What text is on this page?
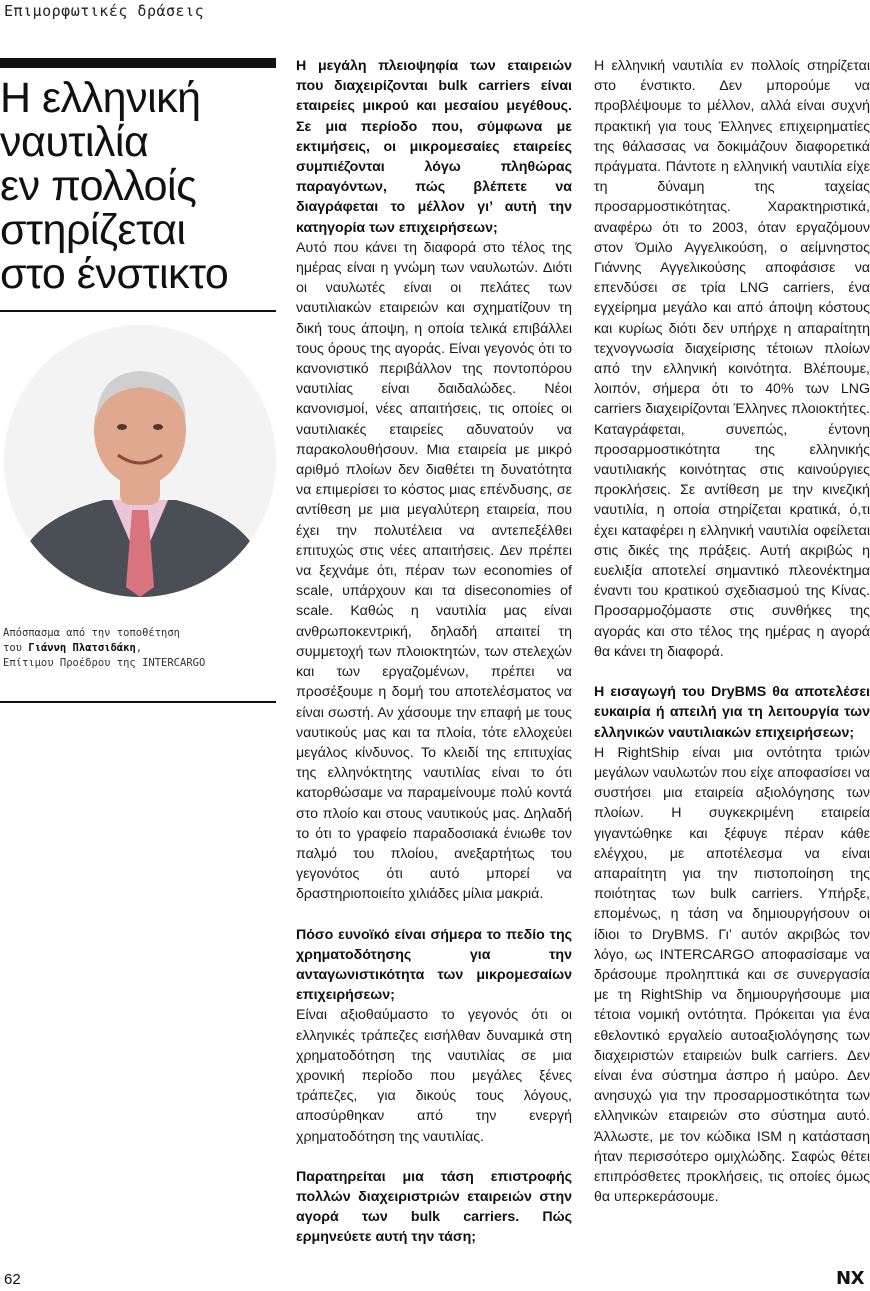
Επιμορφωτικές δράσεις
Η ελληνική
ναυτιλία
εν πολλοίς
στηρίζεται
στο ένστικτο
Απόσπασμα από την τοποθέτηση
του Γιάννη Πλατσιδάκη,
Επίτιμου Προέδρου της INTERCARGO

Η μεγάλη πλειοψηφία των εταιρειών που διαχειρίζονται bulk carriers είναι εταιρείες μικρού και μεσαίου μεγέθους. Σε μια περίοδο που, σύμφωνα με εκτιμήσεις, οι μικρομεσαίες εταιρείες συμπιέζονται λόγω πληθώρας παραγόντων, πώς βλέπετε να διαγράφεται το μέλλον γι’ αυτή την κατηγορία των επιχειρήσεων;

Αυτό που κάνει τη διαφορά στο τέλος της ημέρας είναι η γνώμη των ναυλωτών. Διότι οι ναυλωτές είναι οι πελάτες των ναυτιλιακών εταιρειών και σχηματίζουν τη δική τους άποψη, η οποία τελικά επιβάλλει τους όρους της αγοράς. Είναι γεγονός ότι το κανονιστικό περιβάλλον της ποντοπόρου ναυτιλίας είναι δαιδαλώδες. Νέοι κανονισμοί, νέες απαιτήσεις, τις οποίες οι ναυτιλιακές εταιρείες αδυνατούν να παρακολουθήσουν. Μια εταιρεία με μικρό αριθμό πλοίων δεν διαθέτει τη δυνατότητα να επιμερίσει το κόστος μιας επένδυσης, σε αντίθεση με μια μεγαλύτερη εταιρεία, που έχει την πολυτέλεια να αντεπεξέλθει επιτυχώς στις νέες απαιτήσεις. Δεν πρέπει να ξεχνάμε ότι, πέραν των economies of scale, υπάρχουν και τα diseconomies of scale. Καθώς η ναυτιλία μας είναι ανθρωποκεντρική, δηλαδή απαιτεί τη συμμετοχή των πλοιοκτητών, των στελεχών και των εργαζομένων, πρέπει να προσέξουμε η δομή του αποτελέσματος να είναι σωστή. Αν χάσουμε την επαφή με τους ναυτικούς μας και τα πλοία, τότε ελλοχεύει μεγάλος κίνδυνος. Το κλειδί της επιτυχίας της ελληνόκτητης ναυτιλίας είναι το ότι κατορθώσαμε να παραμείνουμε πολύ κοντά στο πλοίο και στους ναυτικούς μας. Δηλαδή το ότι το γραφείο παραδοσιακά ένιωθε τον παλμό του πλοίου, ανεξαρτήτως του γεγονότος ότι αυτό μπορεί να δραστηριοποιείτο χιλιάδες μίλια μακριά.

Πόσο ευνοϊκό είναι σήμερα το πεδίο της χρηματοδότησης για την ανταγωνιστικότητα των μικρομεσαίων επιχειρήσεων;

Είναι αξιοθαύμαστο το γεγονός ότι οι ελληνικές τράπεζες εισήλθαν δυναμικά στη χρηματοδότηση της ναυτιλίας σε μια χρονική περίοδο που μεγάλες ξένες τράπεζες, για δικούς τους λόγους, αποσύρθηκαν από την ενεργή χρηματοδότηση της ναυτιλίας.

Παρατηρείται μια τάση επιστροφής πολλών διαχειριστριών εταιρειών στην αγορά των bulk carriers. Πώς ερμηνεύετε αυτή την τάση;

Η ελληνική ναυτιλία εν πολλοίς στηρίζεται στο ένστικτο. Δεν μπορούμε να προβλέψουμε το μέλλον, αλλά είναι συχνή πρακτική για τους Έλληνες επιχειρηματίες της θάλασσας να δοκιμάζουν διαφορετικά πράγματα. Πάντοτε η ελληνική ναυτιλία είχε τη δύναμη της ταχείας προσαρμοστικότητας. Χαρακτηριστικά, αναφέρω ότι το 2003, όταν εργαζόμουν στον Όμιλο Αγγελικούση, ο αείμνηστος Γιάννης Αγγελικούσης αποφάσισε να επενδύσει σε τρία LNG carriers, ένα εγχείρημα μεγάλο και από άποψη κόστους και κυρίως διότι δεν υπήρχε η απαραίτητη τεχνογνωσία διαχείρισης τέτοιων πλοίων από την ελληνική κοινότητα. Βλέπουμε, λοιπόν, σήμερα ότι το 40% των LNG carriers διαχειρίζονται Έλληνες πλοιοκτήτες. Καταγράφεται, συνεπώς, έντονη προσαρμοστικότητα της ελληνικής ναυτιλιακής κοινότητας στις καινούργιες προκλήσεις. Σε αντίθεση με την κινεζική ναυτιλία, η οποία στηρίζεται κρατικά, ό,τι έχει καταφέρει η ελληνική ναυτιλία οφείλεται στις δικές της πράξεις. Αυτή ακριβώς η ευελιξία αποτελεί σημαντικό πλεονέκτημα έναντι του κρατικού σχεδιασμού της Κίνας. Προσαρμοζόμαστε στις συνθήκες της αγοράς και στο τέλος της ημέρας η αγορά θα κάνει τη διαφορά.

Η εισαγωγή του DryBMS θα αποτελέσει ευκαιρία ή απειλή για τη λειτουργία των ελληνικών ναυτιλιακών επιχειρήσεων;

Η RightShip είναι μια οντότητα τριών μεγάλων ναυλωτών που είχε αποφασίσει να συστήσει μια εταιρεία αξιολόγησης των πλοίων. Η συγκεκριμένη εταιρεία γιγαντώθηκε και ξέφυγε πέραν κάθε ελέγχου, με αποτέλεσμα να είναι απαραίτητη για την πιστοποίηση της ποιότητας των bulk carriers. Υπήρξε, επομένως, η τάση να δημιουργήσουν οι ίδιοι το DryBMS. Γι’ αυτόν ακριβώς τον λόγο, ως INTERCARGO αποφασίσαμε να δράσουμε προληπτικά και σε συνεργασία με τη RightShip να δημιουργήσουμε μια τέτοια νομική οντότητα. Πρόκειται για ένα εθελοντικό εργαλείο αυτοαξιολόγησης των διαχειριστών εταιρειών bulk carriers. Δεν είναι ένα σύστημα άσπρο ή μαύρο. Δεν ανησυχώ για την προσαρμοστικότητα των ελληνικών εταιρειών στο σύστημα αυτό. Άλλωστε, με τον κώδικα ISM η κατάσταση ήταν περισσότερο ομιχλώδης. Σαφώς θέτει επιπρόσθετες προκλήσεις, τις οποίες όμως θα υπερκεράσουμε.

62	NX
